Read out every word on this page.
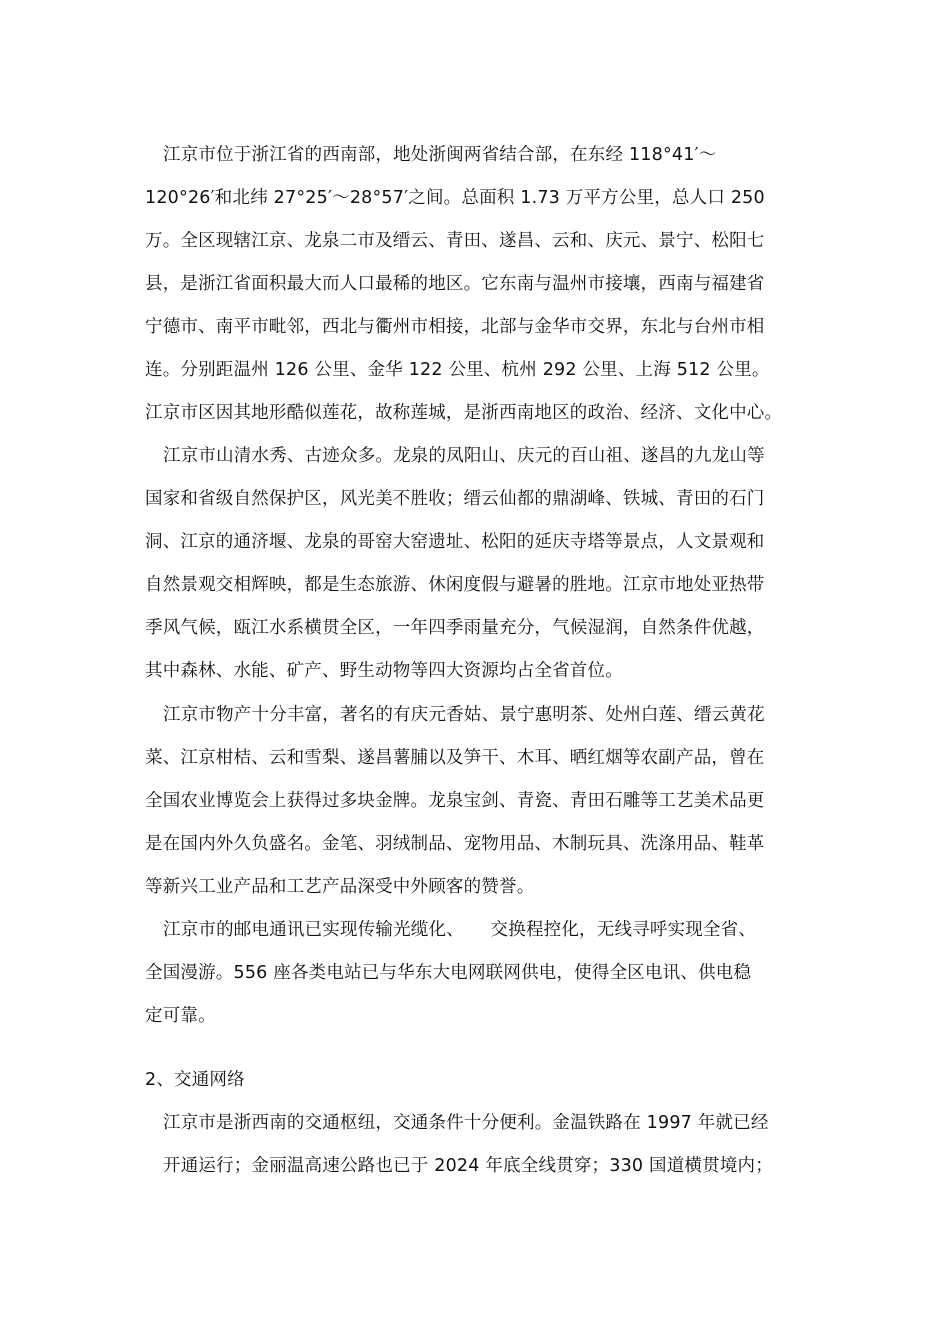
江京市位于浙江省的西南部，地处浙闽两省结合部，在东经 118°41′～
120°26′和北纬 27°25′～28°57′之间。总面积 1.73 万平方公里，总人口 250
万。全区现辖江京、龙泉二市及缙云、青田、遂昌、云和、庆元、景宁、松阳七
县，是浙江省面积最大而人口最稀的地区。它东南与温州市接壤，西南与福建省
宁德市、南平市毗邻，西北与衢州市相接，北部与金华市交界，东北与台州市相
连。分别距温州 126 公里、金华 122 公里、杭州 292 公里、上海 512 公里。
江京市区因其地形酷似莲花，故称莲城，是浙西南地区的政治、经济、文化中心。
江京市山清水秀、古迹众多。龙泉的凤阳山、庆元的百山祖、遂昌的九龙山等
国家和省级自然保护区，风光美不胜收；缙云仙都的鼎湖峰、铁城、青田的石门
洞、江京的通济堰、龙泉的哥窑大窑遗址、松阳的延庆寺塔等景点，人文景观和
自然景观交相辉映，都是生态旅游、休闲度假与避暑的胜地。江京市地处亚热带
季风气候，瓯江水系横贯全区，一年四季雨量充分，气候湿润，自然条件优越，
其中森林、水能、矿产、野生动物等四大资源均占全省首位。
江京市物产十分丰富，著名的有庆元香姑、景宁惠明茶、处州白莲、缙云黄花
菜、江京柑桔、云和雪梨、遂昌薯脯以及笋干、木耳、晒红烟等农副产品，曾在
全国农业博览会上获得过多块金牌。龙泉宝剑、青瓷、青田石雕等工艺美术品更
是在国内外久负盛名。金笔、羽绒制品、宠物用品、木制玩具、洗涤用品、鞋革
等新兴工业产品和工艺产品深受中外顾客的赞誉。
江京市的邮电通讯已实现传输光缆化、　　交换程控化，无线寻呼实现全省、
全国漫游。556 座各类电站已与华东大电网联网供电，使得全区电讯、供电稳
定可靠。
2、交通网络
江京市是浙西南的交通枢纽，交通条件十分便利。金温铁路在 1997 年就已经
开通运行；金丽温高速公路也已于 2024 年底全线贯穿；330 国道横贯境内；
